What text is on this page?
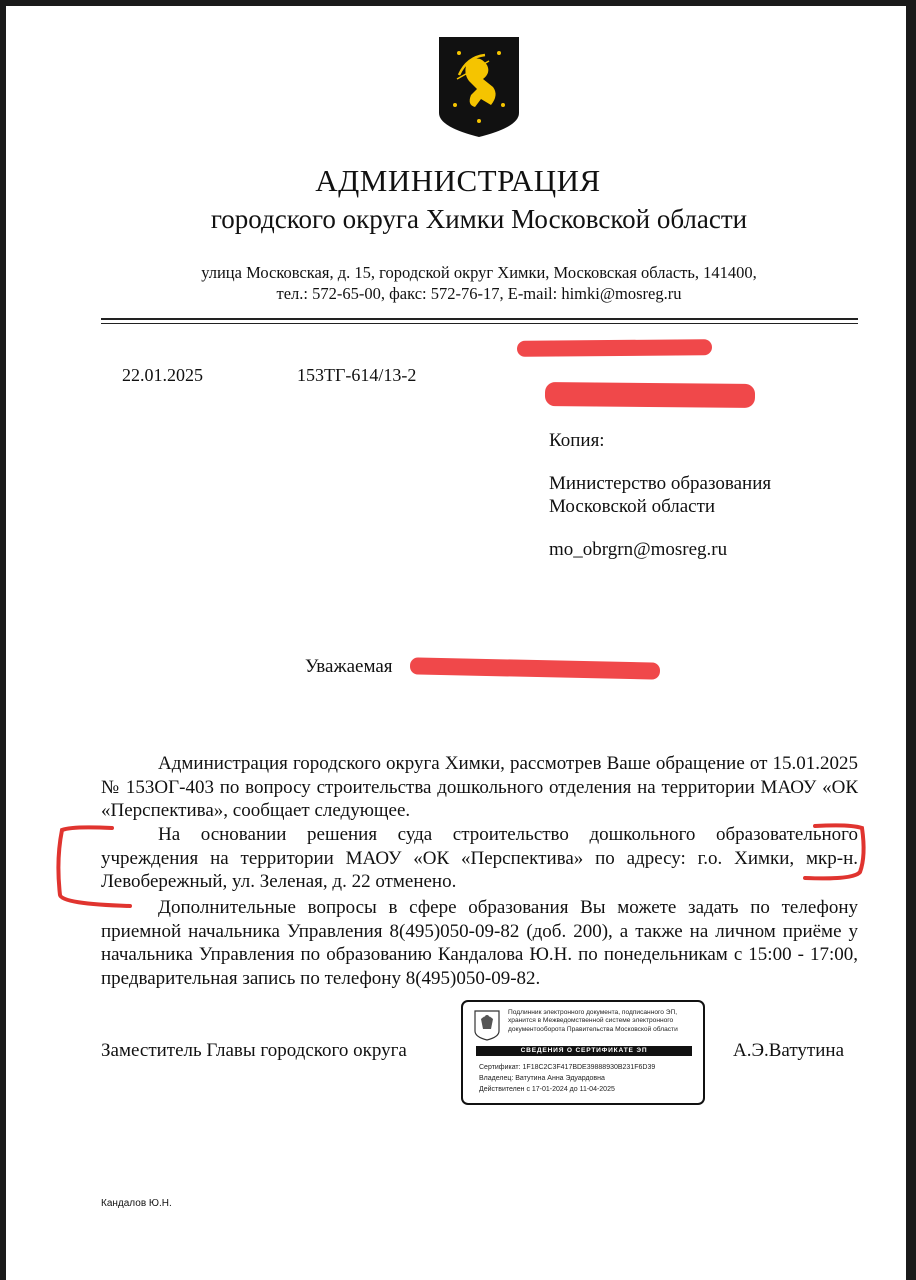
АДМИНИСТРАЦИЯ
городского округа Химки Московской области
улица Московская, д. 15, городской округ Химки, Московская область, 141400,
тел.: 572-65-00, факс: 572-76-17, E-mail: himki@mosreg.ru
22.01.2025	153ТГ-614/13-2
Копия:
Министерство образования
Московской области
mo_obrgrn@mosreg.ru
Уважаемая

Администрация городского округа Химки, рассмотрев Ваше обращение от 15.01.2025 № 153ОГ-403 по вопросу строительства дошкольного отделения на территории МАОУ «ОК «Перспектива», сообщает следующее.

На основании решения суда строительство дошкольного образовательного учреждения на территории МАОУ «ОК «Перспектива» по адресу: г.о. Химки, мкр-н. Левобережный, ул. Зеленая, д. 22 отменено.

Дополнительные вопросы в сфере образования Вы можете задать по телефону приемной начальника Управления 8(495)050-09-82 (доб. 200), а также на личном приёме у начальника Управления по образованию Кандалова Ю.Н. по понедельникам с 15:00 - 17:00, предварительная запись по телефону 8(495)050-09-82.

Заместитель Главы городского округа	А.Э.Ватутина
Подлинник электронного документа, подписанного ЭП, хранится в Межведомственной системе электронного документооборота Правительства Московской области
СВЕДЕНИЯ О СЕРТИФИКАТЕ ЭП
Сертификат: 1F18C2C3F417BDE39888930B231F6D39
Владелец: Ватутина Анна Эдуардовна
Действителен с 17-01-2024 до 11-04-2025
Кандалов Ю.Н.
